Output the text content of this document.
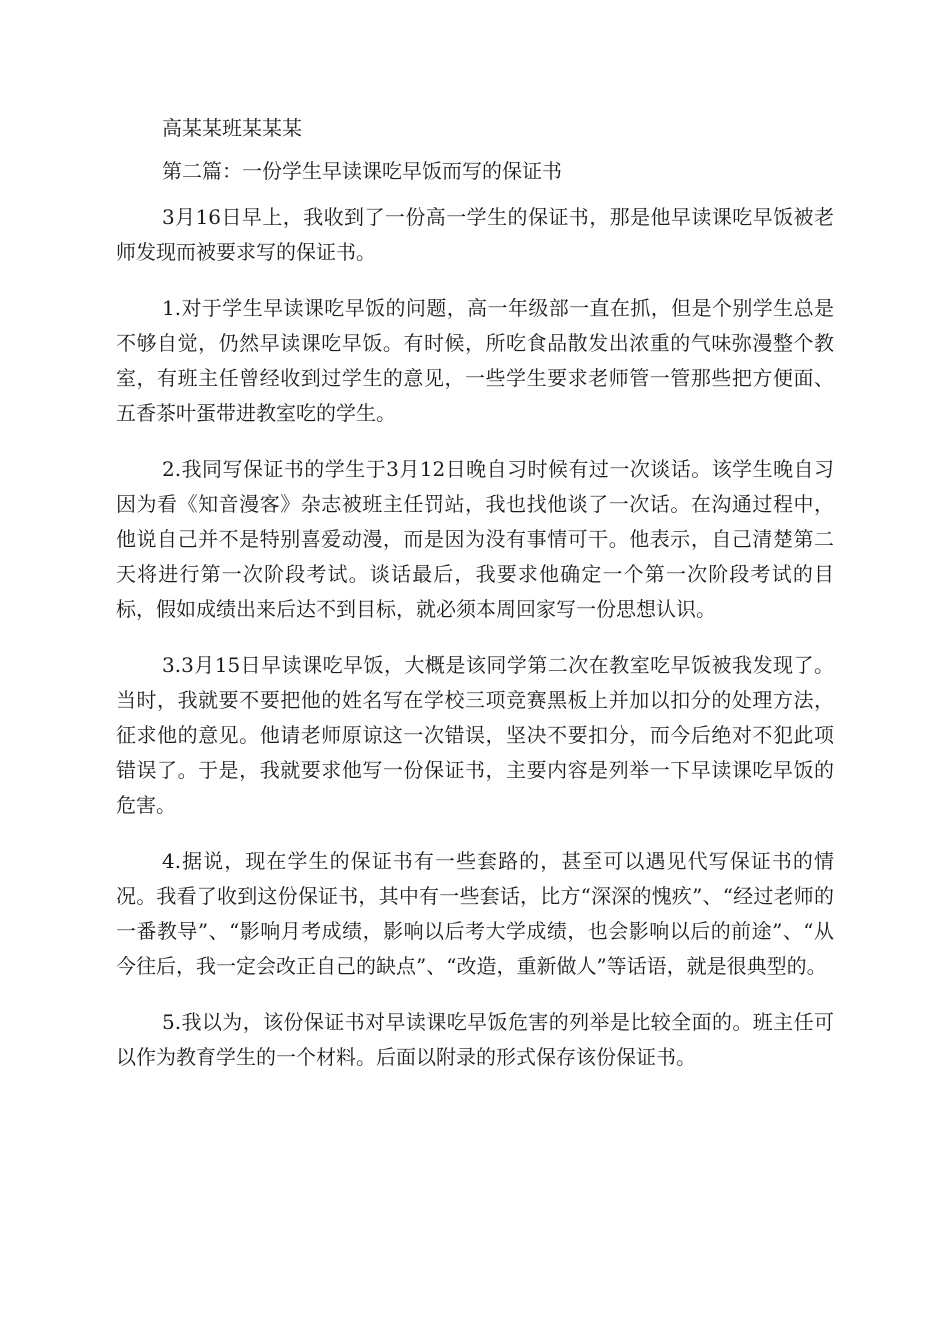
高某某班某某某

第二篇：一份学生早读课吃早饭而写的保证书

3月16日早上，我收到了一份高一学生的保证书，那是他早读课吃早饭被老师发现而被要求写的保证书。

1.对于学生早读课吃早饭的问题，高一年级部一直在抓，但是个别学生总是不够自觉，仍然早读课吃早饭。有时候，所吃食品散发出浓重的气味弥漫整个教室，有班主任曾经收到过学生的意见，一些学生要求老师管一管那些把方便面、五香茶叶蛋带进教室吃的学生。

2.我同写保证书的学生于3月12日晚自习时候有过一次谈话。该学生晚自习因为看《知音漫客》杂志被班主任罚站，我也找他谈了一次话。在沟通过程中，他说自己并不是特别喜爱动漫，而是因为没有事情可干。他表示，自己清楚第二天将进行第一次阶段考试。谈话最后，我要求他确定一个第一次阶段考试的目标，假如成绩出来后达不到目标，就必须本周回家写一份思想认识。

3.3月15日早读课吃早饭，大概是该同学第二次在教室吃早饭被我发现了。当时，我就要不要把他的姓名写在学校三项竞赛黑板上并加以扣分的处理方法，征求他的意见。他请老师原谅这一次错误，坚决不要扣分，而今后绝对不犯此项错误了。于是，我就要求他写一份保证书，主要内容是列举一下早读课吃早饭的危害。

4.据说，现在学生的保证书有一些套路的，甚至可以遇见代写保证书的情况。我看了收到这份保证书，其中有一些套话，比方“深深的愧疚”、“经过老师的一番教导”、“影响月考成绩，影响以后考大学成绩，也会影响以后的前途”、“从今往后，我一定会改正自己的缺点”、“改造，重新做人”等话语，就是很典型的。

5.我以为，该份保证书对早读课吃早饭危害的列举是比较全面的。班主任可以作为教育学生的一个材料。后面以附录的形式保存该份保证书。
